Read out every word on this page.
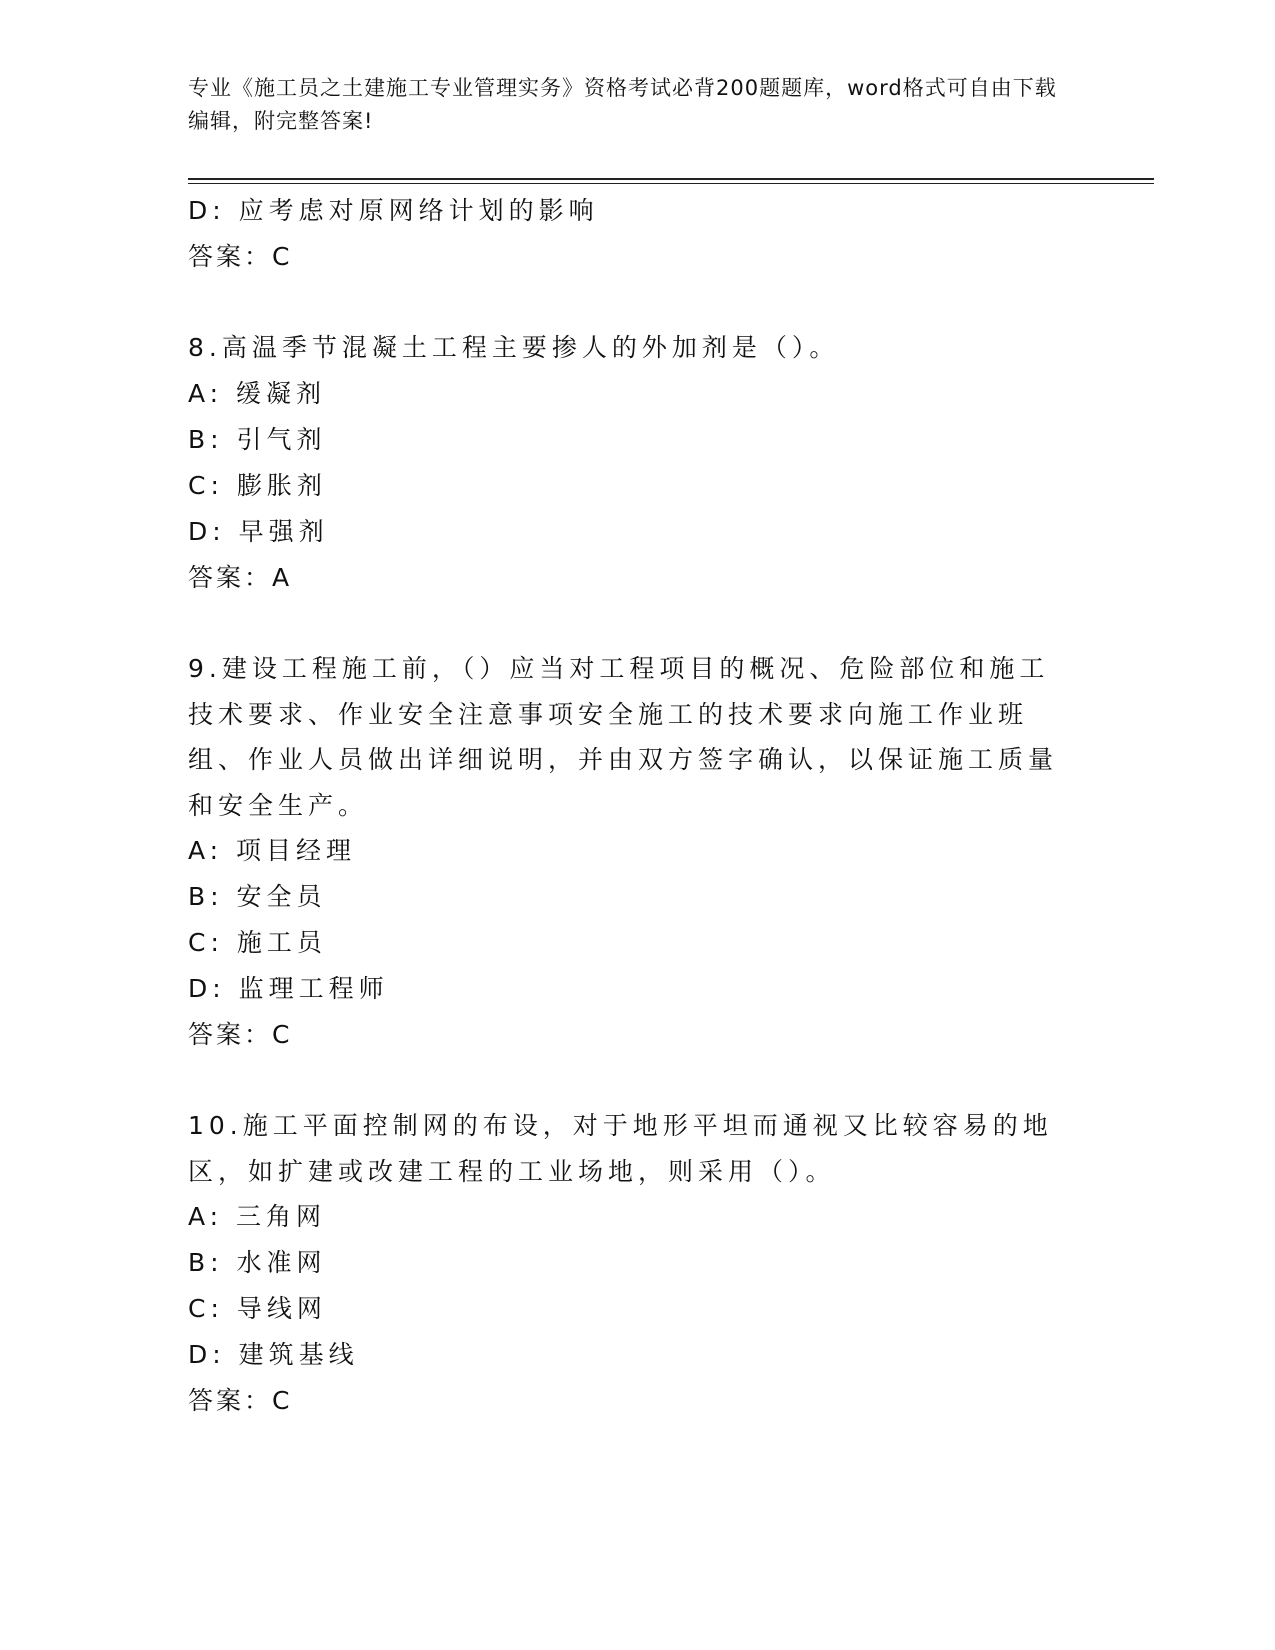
专业《施工员之土建施工专业管理实务》资格考试必背200题题库，word格式可自由下载编辑，附完整答案!
D: 应考虑对原网络计划的影响
答案：C
8.高温季节混凝土工程主要掺人的外加剂是（）。
A: 缓凝剂
B: 引气剂
C: 膨胀剂
D: 早强剂
答案：A
9.建设工程施工前，（）应当对工程项目的概况、危险部位和施工技术要求、作业安全注意事项安全施工的技术要求向施工作业班组、作业人员做出详细说明，并由双方签字确认，以保证施工质量和安全生产。
A: 项目经理
B: 安全员
C: 施工员
D: 监理工程师
答案：C
10.施工平面控制网的布设，对于地形平坦而通视又比较容易的地区，如扩建或改建工程的工业场地，则采用（）。
A: 三角网
B: 水准网
C: 导线网
D: 建筑基线
答案：C
